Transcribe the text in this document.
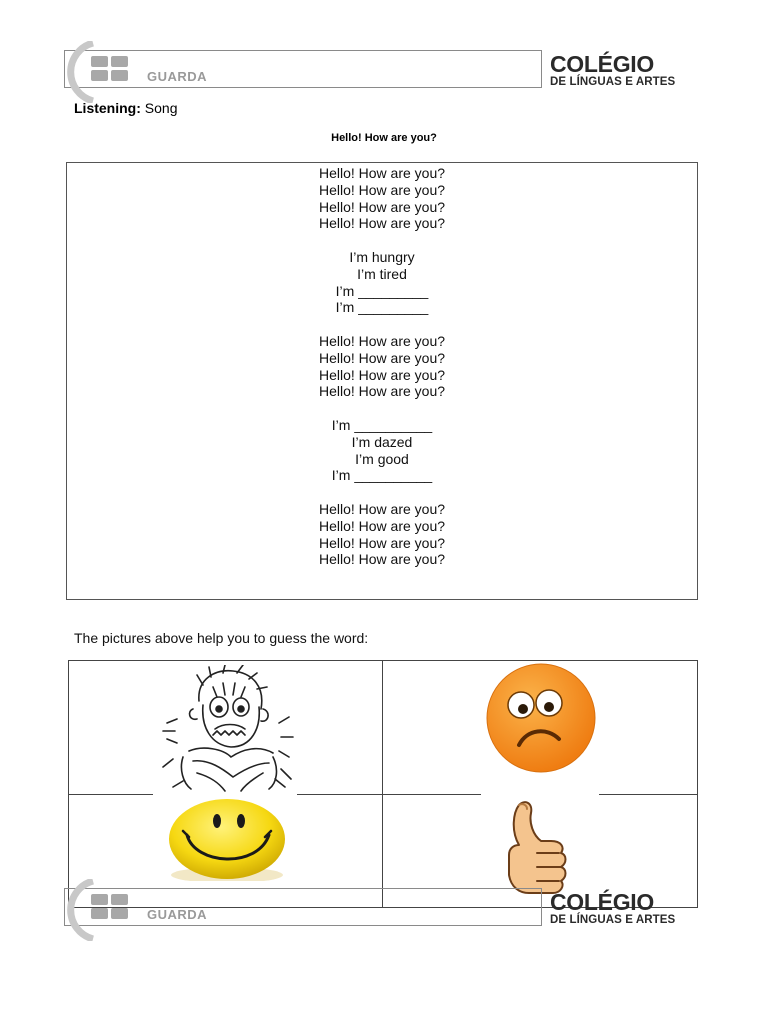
GUARDA	COLÉGIO
DE LÍNGUAS E ARTES
Listening: Song
Hello! How are you?
Hello! How are you?
Hello! How are you?
Hello! How are you?
Hello! How are you?
I’m hungry
I’m tired
I’m _________
I’m _________
Hello! How are you?
Hello! How are you?
Hello! How are you?
Hello! How are you?
I’m __________
I’m dazed
I’m good
I’m __________
Hello! How are you?
Hello! How are you?
Hello! How are you?
Hello! How are you?
The pictures above help you to guess the word:
GUARDA	COLÉGIO
DE LÍNGUAS E ARTES
